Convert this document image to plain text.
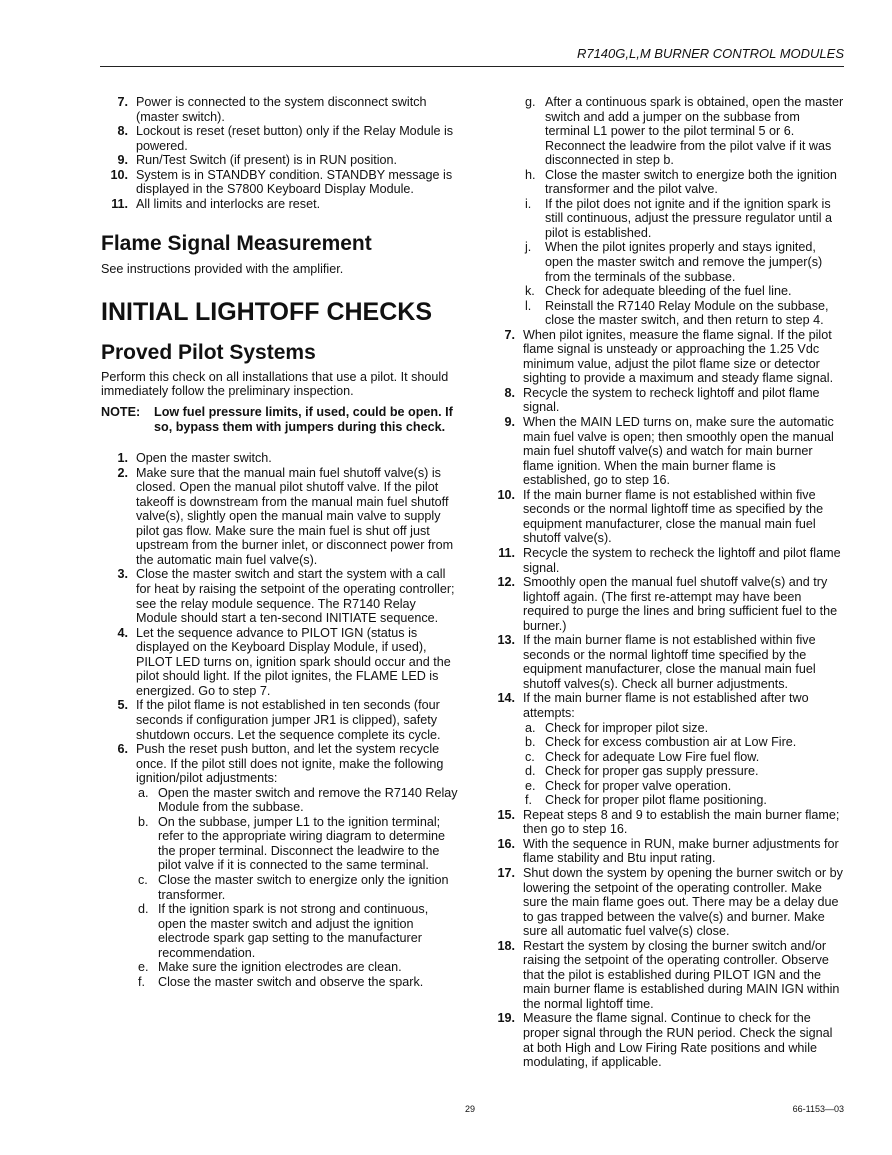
R7140G,L,M BURNER CONTROL MODULES
7. Power is connected to the system disconnect switch (master switch).
8. Lockout is reset (reset button) only if the Relay Module is powered.
9. Run/Test Switch (if present) is in RUN position.
10. System is in STANDBY condition. STANDBY message is displayed in the S7800 Keyboard Display Module.
11. All limits and interlocks are reset.
Flame Signal Measurement

See instructions provided with the amplifier.

INITIAL LIGHTOFF CHECKS
Proved Pilot Systems

Perform this check on all installations that use a pilot. It should immediately follow the preliminary inspection.

NOTE:	Low fuel pressure limits, if used, could be open. If so, bypass them with jumpers during this check.
1. Open the master switch.
2. Make sure that the manual main fuel shutoff valve(s) is closed. Open the manual pilot shutoff valve. If the pilot takeoff is downstream from the manual main fuel shutoff valve(s), slightly open the manual main valve to supply pilot gas flow. Make sure the main fuel is shut off just upstream from the burner inlet, or disconnect power from the automatic main fuel valve(s).
3. Close the master switch and start the system with a call for heat by raising the setpoint of the operating controller; see the relay module sequence. The R7140 Relay Module should start a ten-second INITIATE sequence.
4. Let the sequence advance to PILOT IGN (status is displayed on the Keyboard Display Module, if used), PILOT LED turns on, ignition spark should occur and the pilot should light. If the pilot ignites, the FLAME LED is energized. Go to step 7.
5. If the pilot flame is not established in ten seconds (four seconds if configuration jumper JR1 is clipped), safety shutdown occurs. Let the sequence complete its cycle.
6. Push the reset push button, and let the system recycle once. If the pilot still does not ignite, make the following ignition/pilot adjustments:
a. Open the master switch and remove the R7140 Relay Module from the subbase.
b. On the subbase, jumper L1 to the ignition terminal; refer to the appropriate wiring diagram to determine the proper terminal. Disconnect the leadwire to the pilot valve if it is connected to the same terminal.
c. Close the master switch to energize only the ignition transformer.
d. If the ignition spark is not strong and continuous, open the master switch and adjust the ignition electrode spark gap setting to the manufacturer recommendation.
e. Make sure the ignition electrodes are clean.
f.	Close the master switch and observe the spark.
g. After a continuous spark is obtained, open the master switch and add a jumper on the subbase from terminal L1 power to the pilot terminal 5 or 6. Reconnect the leadwire from the pilot valve if it was disconnected in step b.
h. Close the master switch to energize both the ignition transformer and the pilot valve.
i.	If the pilot does not ignite and if the ignition spark is still continuous, adjust the pressure regulator until a pilot is established.
j.	When the pilot ignites properly and stays ignited, open the master switch and remove the jumper(s) from the terminals of the subbase.
k. Check for adequate bleeding of the fuel line.
l.	Reinstall the R7140 Relay Module on the subbase, close the master switch, and then return to step 4.
7. When pilot ignites, measure the flame signal. If the pilot flame signal is unsteady or approaching the 1.25 Vdc minimum value, adjust the pilot flame size or detector sighting to provide a maximum and steady flame signal.
8. Recycle the system to recheck lightoff and pilot flame signal.
9. When the MAIN LED turns on, make sure the automatic main fuel valve is open; then smoothly open the manual main fuel shutoff valve(s) and watch for main burner flame ignition. When the main burner flame is established, go to step 16.
10. If the main burner flame is not established within five seconds or the normal lightoff time as specified by the equipment manufacturer, close the manual main fuel shutoff valve(s).
11. Recycle the system to recheck the lightoff and pilot flame signal.
12. Smoothly open the manual fuel shutoff valve(s) and try lightoff again. (The first re-attempt may have been required to purge the lines and bring sufficient fuel to the burner.)
13. If the main burner flame is not established within five seconds or the normal lightoff time specified by the equipment manufacturer, close the manual main fuel shutoff valves(s). Check all burner adjustments.
14. If the main burner flame is not established after two attempts:
a. Check for improper pilot size.
b. Check for excess combustion air at Low Fire.
c. Check for adequate Low Fire fuel flow.
d. Check for proper gas supply pressure.
e. Check for proper valve operation.
f.	Check for proper pilot flame positioning.
15. Repeat steps 8 and 9 to establish the main burner flame; then go to step 16.
16. With the sequence in RUN, make burner adjustments for flame stability and Btu input rating.
17. Shut down the system by opening the burner switch or by lowering the setpoint of the operating controller. Make sure the main flame goes out. There may be a delay due to gas trapped between the valve(s) and burner. Make sure all automatic fuel valve(s) close.
18. Restart the system by closing the burner switch and/or raising the setpoint of the operating controller. Observe that the pilot is established during PILOT IGN and the main burner flame is established during MAIN IGN within the normal lightoff time.
19. Measure the flame signal. Continue to check for the proper signal through the RUN period. Check the signal at both High and Low Firing Rate positions and while modulating, if applicable.
29	66-1153—03
